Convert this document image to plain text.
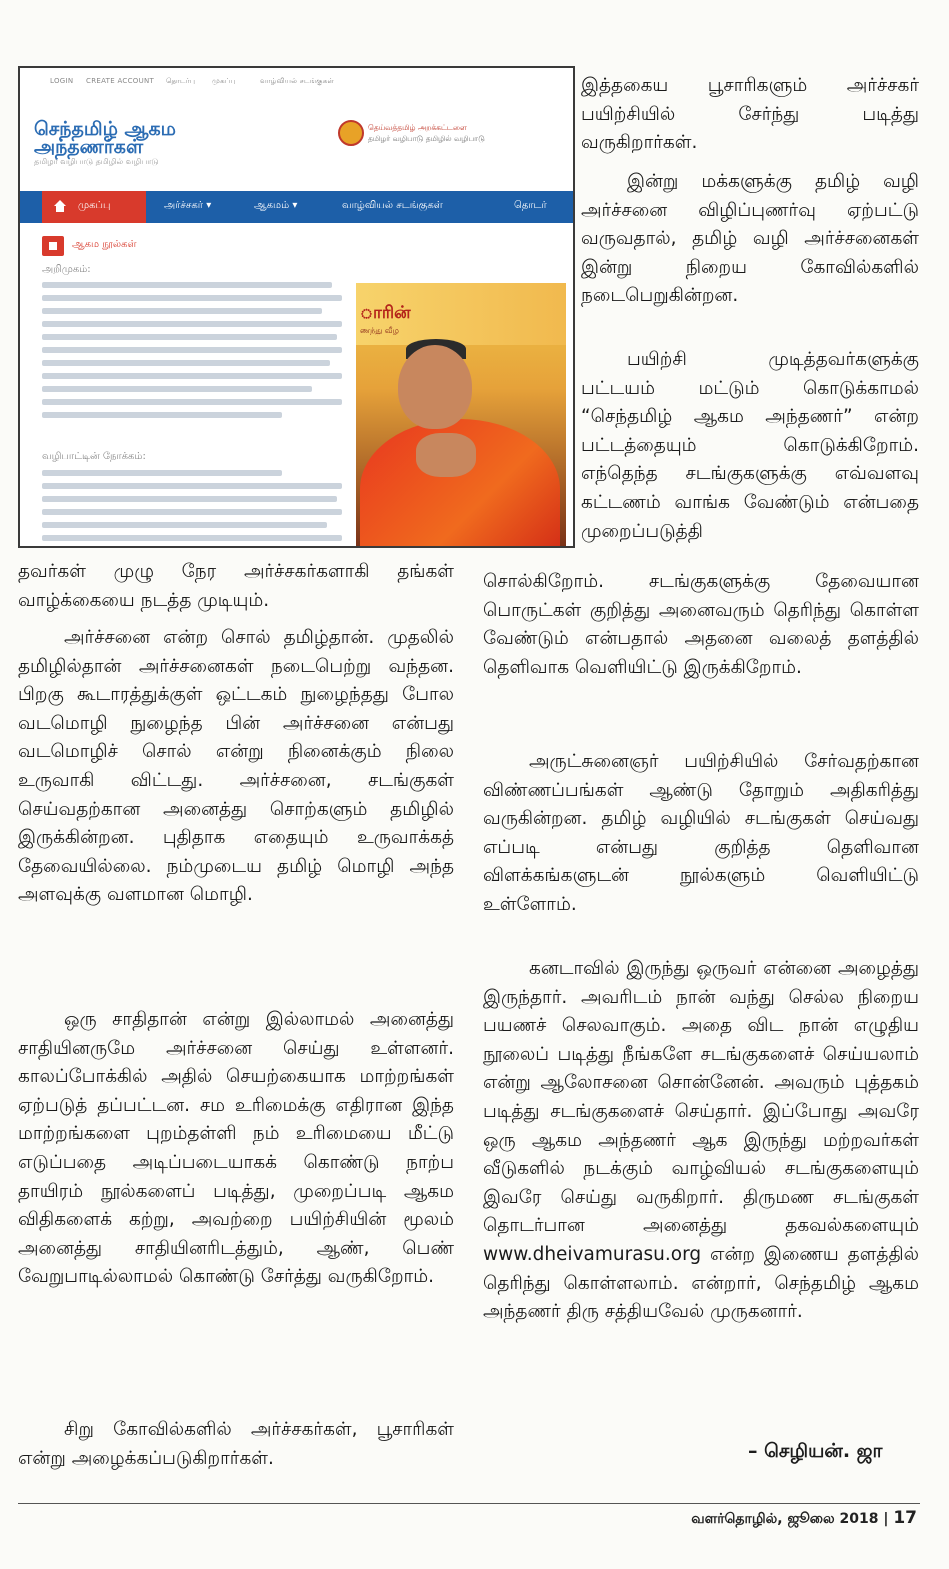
LOGIN CREATE ACCOUNT தொடர்பு முகப்பு	வாழ்வியல் சடங்குகள்
செந்தமிழ் ஆகம
அந்தணர்கள்
தமிழர் வழிபாடு தமிழில் வழிபாடு
தெய்வத்தமிழ் அறக்கட்டளை
தமிழர் வழிபாடு தமிழில் வழிபாடு
முகப்பு	அர்ச்சகர் ▾	ஆகமம் ▾	வாழ்வியல் சடங்குகள்	தொடர்
ஆகம நூல்கள்
அறிமுகம்:
வழிபாட்டின் நோக்கம்:
ாரின்
ணந்து வீழ

இத்தகைய பூசாரிகளும் அர்ச்சகர் பயிற்சியில் சேர்ந்து படித்து வருகிறார்கள்.

இன்று மக்களுக்கு தமிழ் வழி அர்ச்சனை விழிப்புணர்வு ஏற்பட்டு வருவதால், தமிழ் வழி அர்ச்சனைகள் இன்று நிறைய கோவில்களில் நடைபெறுகின்றன.

பயிற்சி முடித்தவர்களுக்கு பட்டயம் மட்டும் கொடுக்காமல் “செந்தமிழ் ஆகம அந்தணர்” என்ற பட்டத்தையும் கொடுக்கிறோம். எந்தெந்த சடங்குகளுக்கு எவ்வளவு கட்டணம் வாங்க வேண்டும் என்பதை முறைப்படுத்தி

சொல்கிறோம். சடங்குகளுக்கு தேவையான பொருட்கள் குறித்து அனைவரும் தெரிந்து கொள்ள வேண்டும் என்பதால் அதனை வலைத் தளத்தில் தெளிவாக வெளியிட்டு இருக்கிறோம்.

அருட்சுனைஞர் பயிற்சியில் சேர்வதற்கான விண்ணப்பங்கள் ஆண்டு தோறும் அதிகரித்து வருகின்றன. தமிழ் வழியில் சடங்குகள் செய்வது எப்படி என்பது குறித்த தெளிவான விளக்கங்களுடன் நூல்களும் வெளியிட்டு உள்ளோம்.

கனடாவில் இருந்து ஒருவர் என்னை அழைத்து இருந்தார். அவரிடம் நான் வந்து செல்ல நிறைய பயணச் செலவாகும். அதை விட நான் எழுதிய நூலைப் படித்து நீங்களே சடங்குகளைச் செய்யலாம் என்று ஆலோசனை சொன்னேன். அவரும் புத்தகம் படித்து சடங்குகளைச் செய்தார். இப்போது அவரே ஒரு ஆகம அந்தணர் ஆக இருந்து மற்றவர்கள் வீடுகளில் நடக்கும் வாழ்வியல் சடங்குகளையும் இவரே செய்து வருகிறார். திருமண சடங்குகள் தொடர்பான அனைத்து தகவல்களையும் www.dheivamurasu.org என்ற இணைய தளத்தில் தெரிந்து கொள்ளலாம். என்றார், செந்தமிழ் ஆகம அந்தணர் திரு சத்தியவேல் முருகனார்.

– செழியன். ஜா

தவர்கள் முழு நேர அர்ச்சகர்களாகி தங்கள் வாழ்க்கையை நடத்த முடியும்.

அர்ச்சனை என்ற சொல் தமிழ்தான். முதலில் தமிழில்தான் அர்ச்சனைகள் நடைபெற்று வந்தன. பிறகு கூடாரத்துக்குள் ஒட்டகம் நுழைந்தது போல வடமொழி நுழைந்த பின் அர்ச்சனை என்பது வடமொழிச் சொல் என்று நினைக்கும் நிலை உருவாகி விட்டது. அர்ச்சனை, சடங்குகள் செய்வதற்கான அனைத்து சொற்களும் தமிழில் இருக்கின்றன. புதிதாக எதையும் உருவாக்கத் தேவையில்லை. நம்முடைய தமிழ் மொழி அந்த அளவுக்கு வளமான மொழி.

ஒரு சாதிதான் என்று இல்லாமல் அனைத்து சாதியினருமே அர்ச்சனை செய்து உள்ளனர். காலப்போக்கில் அதில் செயற்கையாக மாற்றங்கள் ஏற்படுத் தப்பட்டன. சம உரிமைக்கு எதிரான இந்த மாற்றங்களை புறம்தள்ளி நம் உரிமையை மீட்டு எடுப்பதை அடிப்படையாகக் கொண்டு நாற்ப தாயிரம் நூல்களைப் படித்து, முறைப்படி ஆகம விதிகளைக் கற்று, அவற்றை பயிற்சியின் மூலம் அனைத்து சாதியினரிடத்தும், ஆண், பெண் வேறுபாடில்லாமல் கொண்டு சேர்த்து வருகிறோம்.

சிறு கோவில்களில் அர்ச்சகர்கள், பூசாரிகள் என்று அழைக்கப்படுகிறார்கள்.

வளர்தொழில், ஜூலை 2018 | 17
